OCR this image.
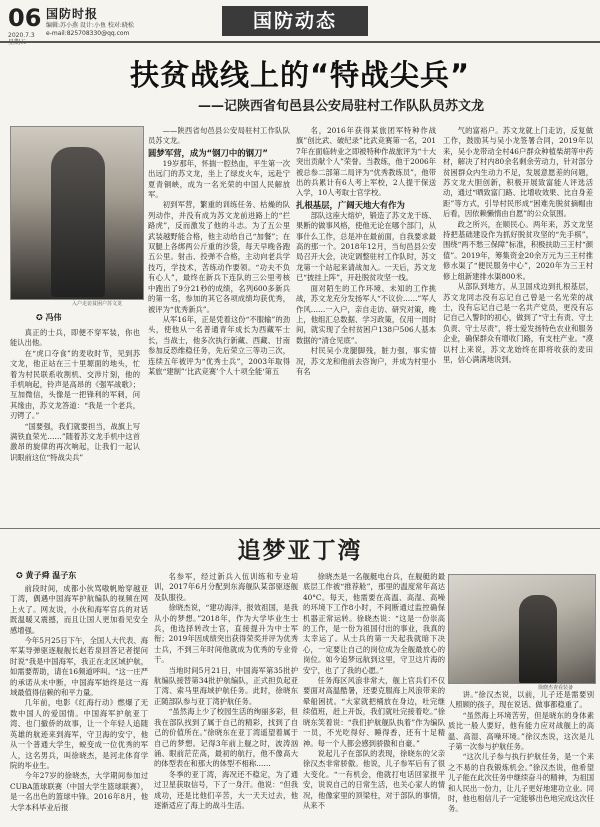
06
2020.7.3
国防时报
编辑:苏小燕 设计:小鱼 校对:晓松
e-mail:825708330@qq.com
国防动态
扶贫战线上的“特战尖兵”
——记陕西省旬邑县公安局驻村工作队队员苏文龙
入户走访贫困户苏文龙
✪ 冯伟

真正的士兵，即便不穿军装，你也能认出他。

在“虎口夺食”的麦收时节，见到苏文龙，他正站在三十里塬面的地头，忙着为村民联系收割机、交涉片刻，他的手机响起，铃声是高昂的《强军战歌》；互加微信，头像是一把锋利的军刺，问其缘由，苏文龙答道：“我是一个老兵，刃锷了。”

“国要强，我们就要担当，战旗上写满铁血荣光……”随着苏文龙手机中这首激昂的旋律的再次响起，让我们一起认识眼前这位“特战尖兵”

——陕西省旬邑县公安局驻村工作队队员苏文龙。

圆梦军营，成为“钢刀中的钢刀”

19岁那年，怀揣一腔热血，平生第一次出远门的苏文龙，坐上了绿皮火车，远赴宁夏青铜峡，成为一名光荣的中国人民解放军。

初到军营，繁重的训练任务、枯燥的队列动作，并没有成为苏文龙前进路上的“拦路虎”，反而激发了他的斗志。为了五公里武装越野能合格，他主动给自己“加餐”；在双腿上各绑两公斤重的沙袋，每天早晚各跑五公里。射击、投弹不合格，主动向老兵学技巧，学技术，苦练动作要领。“功夫不负有心人”，最终在新兵下连队的三公里考核中跑出了9分21秒的成绩，名列600多新兵的第一名，参加的其它各项成绩均获优秀，被评为“优秀新兵”。

从军16年，正是凭着这份“不服输”的劲头，使他从一名普通青年成长为西藏军士长，当战士，他多次执行新藏、西藏、甘南参加反恐维稳任务，先后荣立三等功三次，连续五年被评为“优秀士兵”，2003年取得某旅“建制”‘比武竞赛’个人十项全能‘第五

名，2016年获得某旅团军特种作战旗”创比武、破纪录”比武竞赛第一名，2017年在面临转业之即被特种作战旅评为“十大突出贡献个人”荣誉。当教练，他于2006年被总参二部第二局评为“优秀教练员”，他带出的兵累计有6人考上军校，2人提干保送入学，10人考取士官学校。

扎根基层，广阔天地大有作为

部队这座大熔炉，锻造了苏文龙干练、果断的做事风格，使他无论在哪个部门，从事什么工作，总是冲在最前面，自我要求最高的那一个。2018年12月，当旬邑县公安局召开大会，决定调整驻村工作队时，苏文龙第一个站起来请战加入。一天后，苏文龙已“披挂上阵”，开赴脱贫攻坚一线。

面对陌生的工作环境、未知的工作挑战，苏文龙充分发扬军人“不议价……”军人作风……一入户，亲自走访、研究对策，晚上，他组汇总数据、学习政策，仅用一周时间，就实现了全村贫困户138户506人基本数据的“清仓见底”。

村民吴小龙腿脚残，脏力强，事实情况，苏文龙和他前去咨询户，并成为村里小有名

气的富裕户。苏文龙就上门走访，反复做工作，鼓励其与吴小龙签署合同，2019年以来，吴小龙带动全村46户群众种植柴胡等中药材，解决了村内80余名剩余劳动力，针对部分贫困群众内生动力不足，发展意愿差的问题，苏文龙大胆创新，积极开展致富能人评选活动，通过“晒致富门路、比增收效果、比自身差距”等方式，引导村民形成“困难先脱贫摘帽由后看，因依赖懒惰由自愿”的公众氛围。

政之所兴，在顺民心。两年来，苏文龙坚持把基础建设作为抓好脱贫攻坚的“先手棋”，围绕“两不愁三保障”标准，积极扶助三王村“颜值”。2019年，筹集资金20余万元为三王村推修水渠了“便民服务中心”，2020年为三王村修上组新建排水渠800米。

从部队到地方，从卫国戍边到扎根基层，苏文龙同志没有忘记自己曾是一名光荣的战士，没有忘记自己是一名共产党员，更没有忘记自己入警时的初心，做到了“守土有责、守土负责、守土尽责”，将士爱发扬特色农业和服务企业，确保群众有增收门路，有支柱产业。“漠以村上来说，苏文龙始终在即将收获的麦田里，信心满满地说到。

追梦亚丁湾
✪ 黄子舜 温子东

前段时间，成都小伙骂嗷帆贻穿越亚丁湾，偶遇中国海军护航编队的视频在网上火了。网友说，小伙和海军官兵的对话既温暖又震撼，而且让国人更加看见安全感增强。

今年5月25日下午，全国人大代表、海军某导弹驱逐舰舰长赵若泉回答记者提问时说“我是中国海军，我正在北区域护航，如需要帮助，请在16频道呼叫。“这一庄严的承诺从未中断，中国海军始终是这一海域最值得信赖的和平力量。

几年前，电影《红海行动》燃爆了无数中国人的爱国情。中国海军护航亚丁湾、也门撤侨的故事，让一个年轻人追随英雄的航迹来到海军，守卫海的安宁，他从一个普通大学生，蜕变成一位优秀的军人，这名男兵，叫徐晓杰，是河北体育学院的毕业生。

今年27岁的徐晓杰，大学期间参加过CUBA篮球联赛（中国大学生篮球联赛），是一名出色的篮球中锋。2016年8月，他大学本科毕业后报

名参军，经过新兵入伍训练和专业培训，2017年6月分配到东海舰队某部驱逐舰及队服役。

徐晓杰说，“建功海洋，报效祖国，是我从小的梦想。”2018年，作为大学毕业生士兵，他选择转改士官，直接提升为中士军衔；2019年因成绩突出获得荣奖并评为优秀士兵，不到三年时间他就成为优秀的专业骨干。

当地时间5月21日，中国海军第35批护航编队接替第34批护航编队，正式担负起亚丁湾、索马里海域护航任务。此时，徐晓东正随部队参与亚丁湾护航任务。

“虽然海上少了校园生活的绚丽多彩，但我在部队找到了属于自己的精彩，找到了自己的价值所在。”徐晓东在亚丁湾遥望着属于自己的梦想。记得3年前上舰之时，波涛汹涌、眼前茫茫高，最初的航行，他不像高大的体型表在和那大的体型不相称……

冬季的亚丁湾，海况还不稳定，为了通过卫星获取信号，下了一身汗。他说：“但我成功，还是比他们辛苦，大一天天过去，他逐渐适应了海上的战斗生活。

徐晓杰是一名舰艇电台兵，在舰艇的最底层工作被“推荐舱”，那里的温度常年高达40°C。每天，他需要在高温、高湿、高噪的环境下工作8小时，不间断通过监控确保机器正常运转。徐晓杰说：“这是一份崇高的工作，是一份为祖国付出的事业，我真的太幸运了。从士兵的第一天起我就暗下决心，一定要让自己的岗位成为全舰最放心的岗位。如今追梦远航到这里，守卫这片海的安宁，也了了我的心愿。”

任务海区风浪非常大，舰上官兵们不仅要面对高温酷暑，还要克服海上风浪带来的晕船困扰。“大家就把桶放在身边，吐完继续值班，赶上开饭，我们就吐完接着吃。”徐晓东笑着说：“我们护航舰队执着”作为编队一员，不光吃得好、睡得香，还有十足精神。每一个人都会感到骄傲和自豪。”

说起儿子在部队的表现，徐晓东的父亲徐汉杰非常骄傲。他说，儿子参军后有了很大变化。“一有机会，他就打电话回家报平安，说说自己的日常生活，也关心家人的情况，他像家里的顶梁柱，对于部队的事情，从来不

徐晓杰查看装备

讲。”徐汉杰说，以前，儿子还是需要别人照顾的孩子，现在说话、做事都稳重了。

“虽然海上环境苦劳，但是晓东的身体素质比一般人要好，他有能力应对战舰上的高温、高湿、高噪环境。”徐汉杰说，这次是儿子第一次参与护航任务。

“这次儿子参与执行护航任务，是一个来之不易的自我锻炼机会。”徐汉杰说，他希望儿子能在此次任务中继续奋斗的精神，为祖国和人民出一份力，让儿子更好地建功立业。同时，他也相信儿子一定能够出色地完成这次任务。
